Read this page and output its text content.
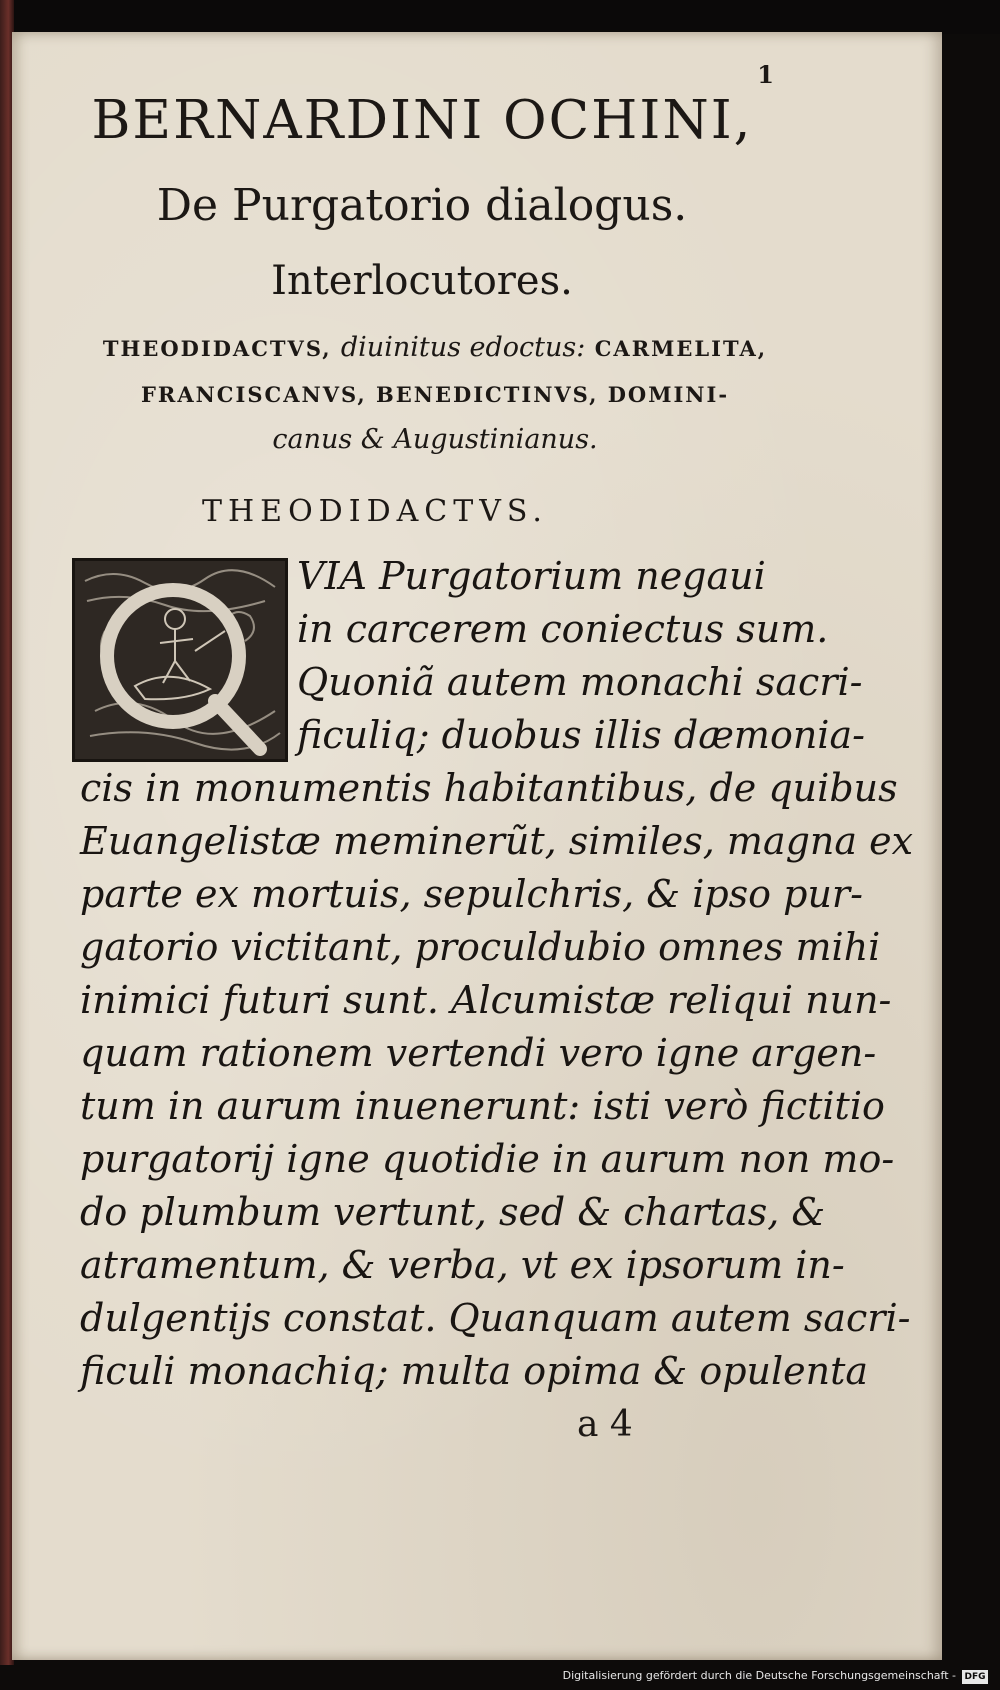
1
BERNARDINI OCHINI,
De Purgatorio dialogus.
Interlocutores.
THEODIDACTVS, diuinitus edoctus: CARMELITA,
FRANCISCANVS, BENEDICTINVS, DOMINI-
canus & Augustinianus.
THEODIDACTVS.
VIA Purgatorium negaui
in carcerem coniectus sum.
Quoniã autem monachi sacri-
ficuliq; duobus illis dæmonia-
cis in monumentis habitantibus, de quibus
Euangelistæ meminerũt, similes, magna ex
parte ex mortuis, sepulchris, & ipso pur-
gatorio victitant, proculdubio omnes mihi
inimici futuri sunt. Alcumistæ reliqui nun-
quam rationem vertendi vero igne argen-
tum in aurum inuenerunt: isti verò fictitio
purgatorij igne quotidie in aurum non mo-
do plumbum vertunt, sed & chartas, &
atramentum, & verba, vt ex ipsorum in-
dulgentijs constat. Quanquam autem sacri-
ficuli monachiq; multa opima & opulenta
a 4
Digitalisierung gefördert durch die Deutsche Forschungsgemeinschaft - DFG
